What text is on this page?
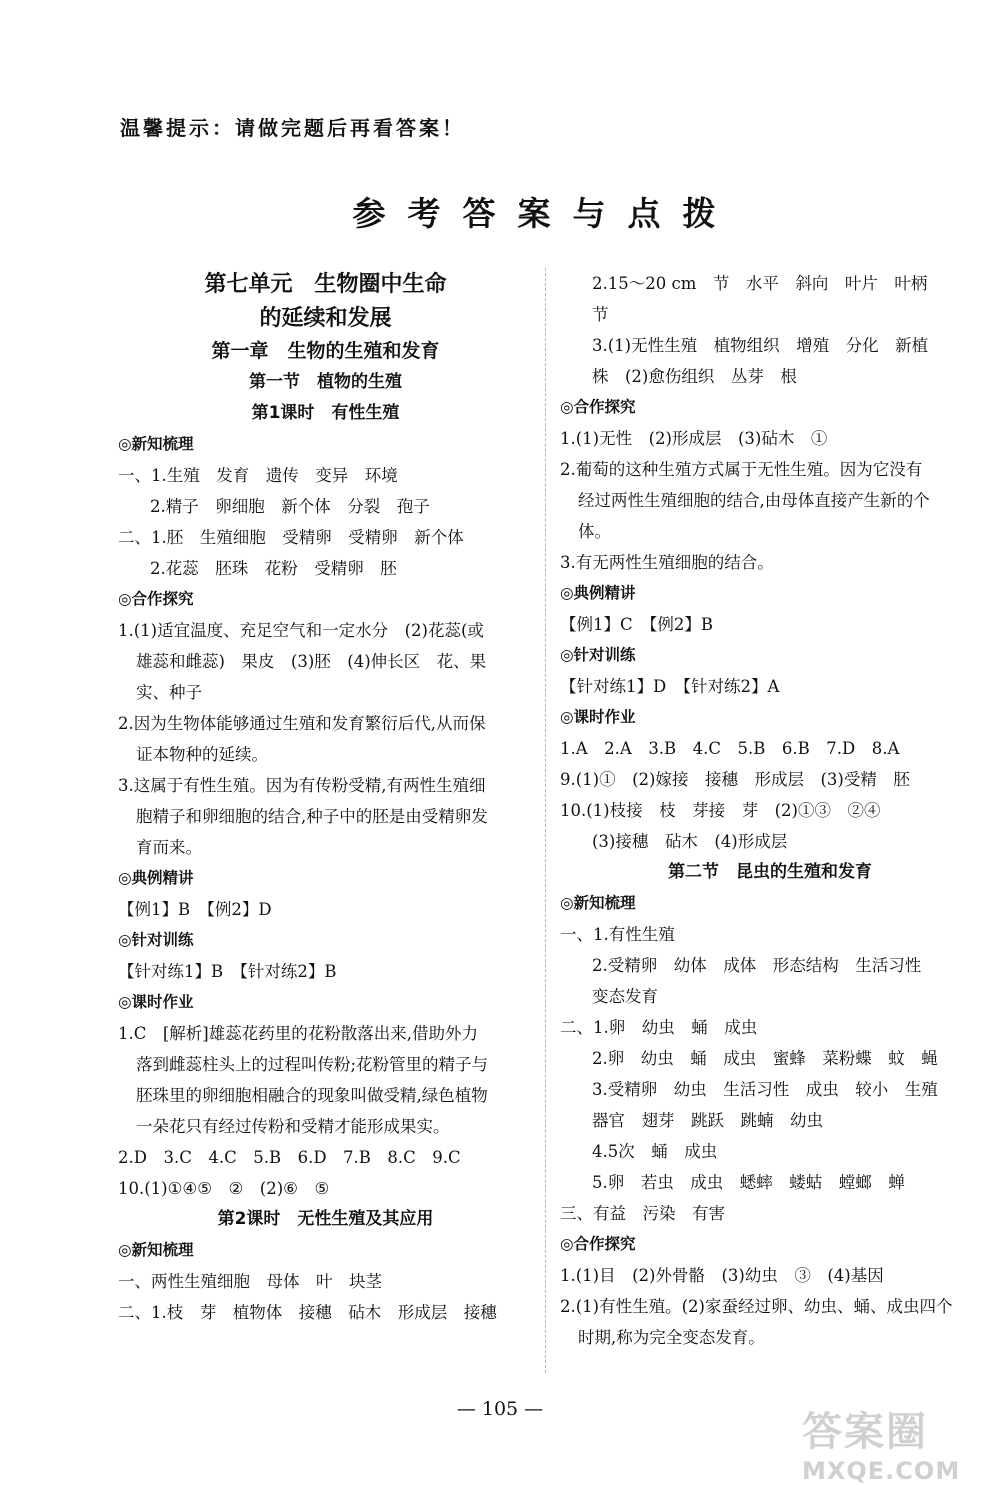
温馨提示：请做完题后再看答案！
参考答案与点拨
第七单元　生物圈中生命
的延续和发展
第一章　生物的生殖和发育
第一节　植物的生殖
第1课时　有性生殖
◎新知梳理
一、1.生殖　发育　遗传　变异　环境
2.精子　卵细胞　新个体　分裂　孢子
二、1.胚　生殖细胞　受精卵　受精卵　新个体
2.花蕊　胚珠　花粉　受精卵　胚
◎合作探究
1.(1)适宜温度、充足空气和一定水分　(2)花蕊(或
雄蕊和雌蕊)　果皮　(3)胚　(4)伸长区　花、果
实、种子
2.因为生物体能够通过生殖和发育繁衍后代,从而保
证本物种的延续。
3.这属于有性生殖。因为有传粉受精,有两性生殖细
胞精子和卵细胞的结合,种子中的胚是由受精卵发
育而来。
◎典例精讲
【例1】B　【例2】D
◎针对训练
【针对练1】B　【针对练2】B
◎课时作业
1.C　[解析]雄蕊花药里的花粉散落出来,借助外力
落到雌蕊柱头上的过程叫传粉;花粉管里的精子与
胚珠里的卵细胞相融合的现象叫做受精,绿色植物
一朵花只有经过传粉和受精才能形成果实。
2.D　3.C　4.C　5.B　6.D　7.B　8.C　9.C
10.(1)①④⑤　②　(2)⑥　⑤
第2课时　无性生殖及其应用
◎新知梳理
一、两性生殖细胞　母体　叶　块茎
二、1.枝　芽　植物体　接穗　砧木　形成层　接穗
2.15～20 cm　节　水平　斜向　叶片　叶柄
节
3.(1)无性生殖　植物组织　增殖　分化　新植
株　(2)愈伤组织　丛芽　根
◎合作探究
1.(1)无性　(2)形成层　(3)砧木　①
2.葡萄的这种生殖方式属于无性生殖。因为它没有
经过两性生殖细胞的结合,由母体直接产生新的个
体。
3.有无两性生殖细胞的结合。
◎典例精讲
【例1】C　【例2】B
◎针对训练
【针对练1】D　【针对练2】A
◎课时作业
1.A　2.A　3.B　4.C　5.B　6.B　7.D　8.A
9.(1)①　(2)嫁接　接穗　形成层　(3)受精　胚
10.(1)枝接　枝　芽接　芽　(2)①③　②④
(3)接穗　砧木　(4)形成层
第二节　昆虫的生殖和发育
◎新知梳理
一、1.有性生殖
2.受精卵　幼体　成体　形态结构　生活习性
变态发育
二、1.卵　幼虫　蛹　成虫
2.卵　幼虫　蛹　成虫　蜜蜂　菜粉蝶　蚊　蝇
3.受精卵　幼虫　生活习性　成虫　较小　生殖
器官　翅芽　跳跃　跳蝻　幼虫
4.5次　蛹　成虫
5.卵　若虫　成虫　蟋蟀　蝼蛄　螳螂　蝉
三、有益　污染　有害
◎合作探究
1.(1)目　(2)外骨骼　(3)幼虫　③　(4)基因
2.(1)有性生殖。(2)家蚕经过卵、幼虫、蛹、成虫四个
时期,称为完全变态发育。
— 105 —	答案圈
MXQE.COM
